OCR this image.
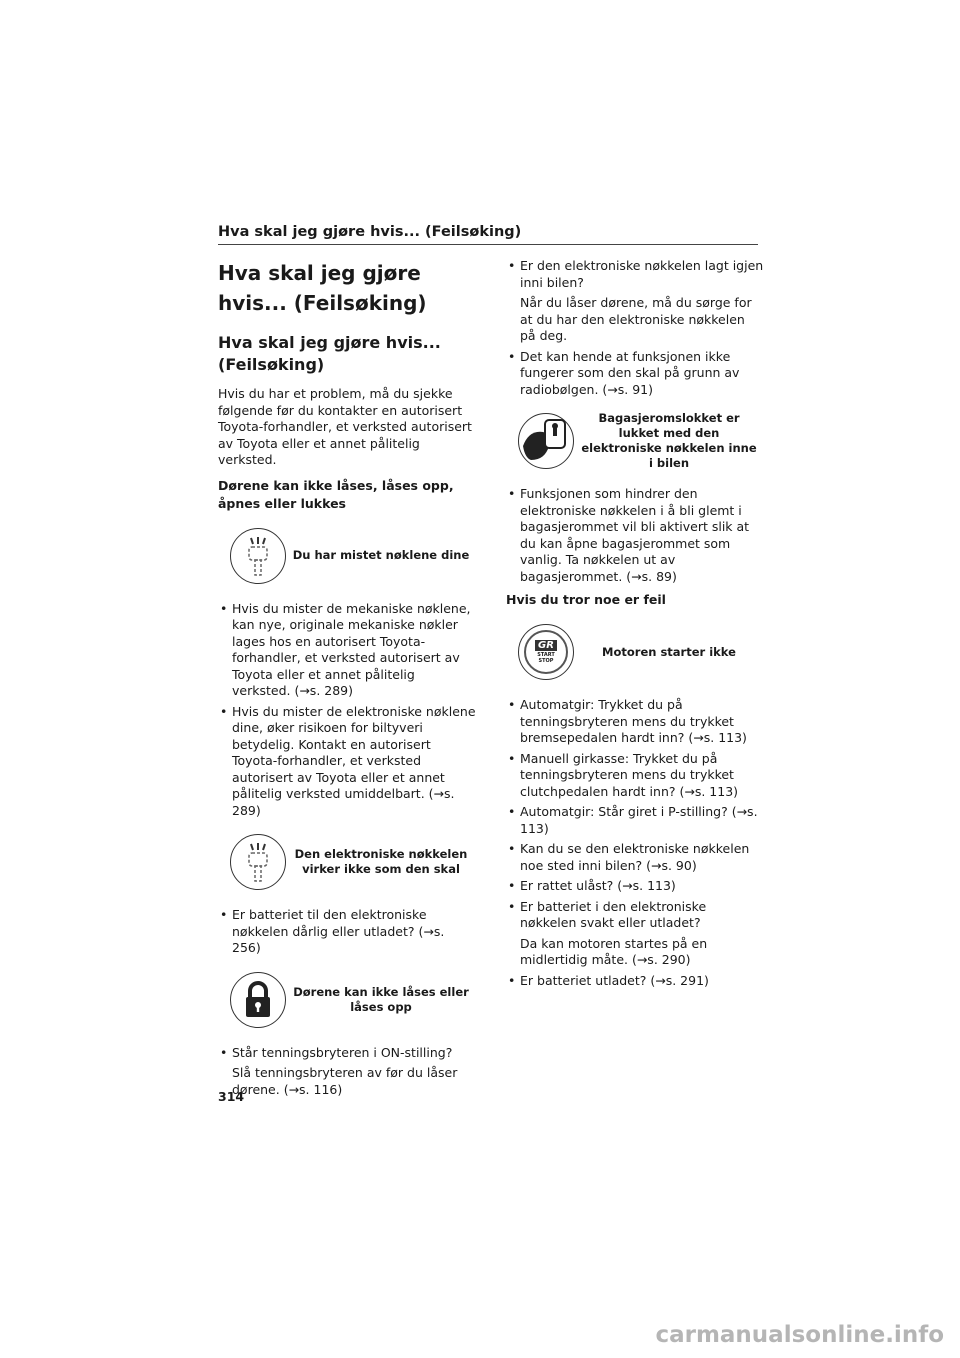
Hva skal jeg gjøre hvis... (Feilsøking)
Hva skal jeg gjøre hvis... (Feilsøking)
Hva skal jeg gjøre hvis... (Feilsøking)

Hvis du har et problem, må du sjekke følgende før du kontakter en autorisert Toyota-forhandler, et verksted autorisert av Toyota eller et annet pålitelig verksted.

Dørene kan ikke låses, låses opp, åpnes eller lukkes
Du har mistet nøklene dine
• Hvis du mister de mekaniske nøklene, kan nye, originale mekaniske nøkler lages hos en autorisert Toyota-forhandler, et verksted autorisert av Toyota eller et annet pålitelig verksted. (→s. 289)
• Hvis du mister de elektroniske nøklene dine, øker risikoen for biltyveri betydelig. Kontakt en autorisert Toyota-forhandler, et verksted autorisert av Toyota eller et annet pålitelig verksted umiddelbart. (→s. 289)
Den elektroniske nøkkelen virker ikke som den skal
• Er batteriet til den elektroniske nøkkelen dårlig eller utladet? (→s. 256)
Dørene kan ikke låses eller låses opp
• Står tenningsbryteren i ON-stilling?
Slå tenningsbryteren av før du låser dørene. (→s. 116)
• Er den elektroniske nøkkelen lagt igjen inni bilen?
Når du låser dørene, må du sørge for at du har den elektroniske nøkkelen på deg.
• Det kan hende at funksjonen ikke fungerer som den skal på grunn av radiobølgen. (→s. 91)
Bagasjeromslokket er lukket med den elektroniske nøkkelen inne i bilen
• Funksjonen som hindrer den elektroniske nøkkelen i å bli glemt i bagasjerommet vil bli aktivert slik at du kan åpne bagasjerommet som vanlig. Ta nøkkelen ut av bagasjerommet. (→s. 89)
Hvis du tror noe er feil
GR
START
STOP
Motoren starter ikke
• Automatgir: Trykket du på tenningsbryteren mens du trykket bremsepedalen hardt inn? (→s. 113)
• Manuell girkasse: Trykket du på tenningsbryteren mens du trykket clutchpedalen hardt inn? (→s. 113)
• Automatgir: Står giret i P-stilling? (→s. 113)
• Kan du se den elektroniske nøkkelen noe sted inni bilen? (→s. 90)
• Er rattet ulåst? (→s. 113)
• Er batteriet i den elektroniske nøkkelen svakt eller utladet?
Da kan motoren startes på en midlertidig måte. (→s. 290)
• Er batteriet utladet? (→s. 291)
314
carmanualsonline.info
